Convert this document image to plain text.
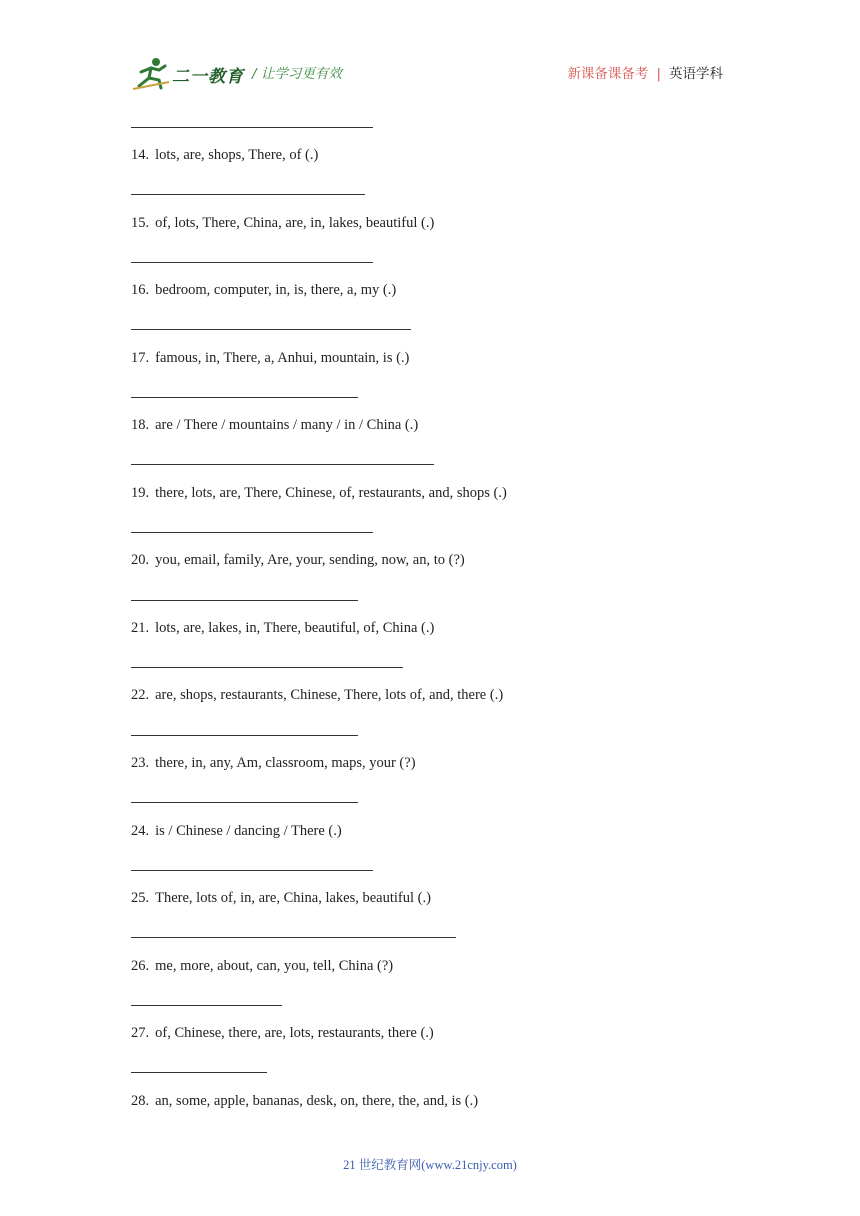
二一教育 / 让学习更有效	新课备课备考 | 英语学科
14. lots, are, shops, There, of (.)
15. of, lots, There, China, are, in, lakes, beautiful (.)
16. bedroom, computer, in, is, there, a, my (.)
17. famous, in, There, a, Anhui, mountain, is (.)
18. are / There / mountains / many / in / China (.)
19. there, lots, are, There, Chinese, of, restaurants, and, shops (.)
20. you, email, family, Are, your, sending, now, an, to (?)
21. lots, are, lakes, in, There, beautiful, of, China (.)
22. are, shops, restaurants, Chinese, There, lots of, and, there (.)
23. there, in, any, Am, classroom, maps, your (?)
24. is / Chinese / dancing / There (.)
25. There, lots of, in, are, China, lakes, beautiful (.)
26. me, more, about, can, you, tell, China (?)
27. of, Chinese, there, are, lots, restaurants, there (.)
28. an, some, apple, bananas, desk, on, there, the, and, is (.)
21 世纪教育网(www.21cnjy.com)
